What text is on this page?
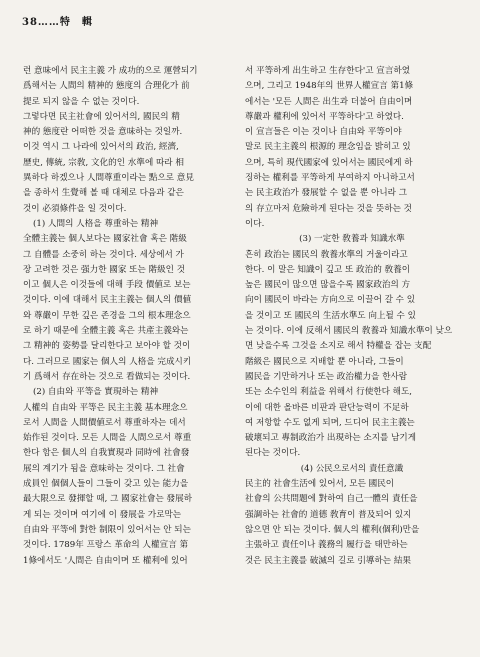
38……特　輯
런 意味에서 民主主義 가 成功的으로 運營되기
爲해서는 人間의 精神的 態度의 合理化가 前
提로 되지 않을 수 없는 것이다.
그렇다면 民主社會에 있어서의, 國民의 精
神的 態度란 어떠한 것을 意味하는 것일까.
이것 역시 그 나라에 있어서의 政治, 經濟,
歷史, 傳統, 宗敎, 文化的인 水準에 따라 相
異하다 하겠으나 人間尊重이라는 點으로 意見
을 종하서 生覺해 볼 때 대체로 다음과 같은
것이 必須條件을 일 것이다.
(1) 人間의 人格을 尊重하는 精神
全體主義는 個人보다는 國家社會 혹은 階級
그 自體를 소중히 하는 것이다. 세상에서 가
장 고려한 것은 强力한 國家 또는 階級인 것
이고 個人은 이것들에 대해 手段 價値로 보는
것이다. 이에 대해서 民主主義는 個人의 價値
와 尊嚴이 무한 깊은 존경을 그의 根本理念으
로 하기 때문에 全體主義 혹은 共產主義와는
그 精神的 姿勢를 달리한다고 보아야 할 것이
다. 그러므로 國家는 個人의 人格을 完成시키
기 爲해서 存在하는 것으로 看做되는 것이다.
(2) 自由와 平等을 實現하는 精神
人權의 自由와 平等은 民主主義 基本理念으
로서 人間을 人間價値로서 尊重하자는 데서
始作된 것이다. 모든 人間을 人間으로서 尊重
한다 함은 個人의 自我實現과 同時에 社會發
展의 계기가 됨을 意味하는 것이다. 그 社會
成員인 個個人들이 그들이 갖고 있는 能力을
最大限으로 發揮할 때, 그 國家社會는 發展하
게 되는 것이며 여기에 이 發展을 가로막는
自由와 平等에 對한 制限이 있어서는 안 되는
것이다. 1789年 프랑스 革命의 人權宣言 第
1條에서도 '人間은 自由이며 또 權利에 있어
서 平等하게 出生하고 生存한다'고 宣言하였
으며, 그리고 1948年의 世界人權宣言 第1條
에서는 '모든 人間은 出生과 더불어 自由이며
尊嚴과 權利에 있어서 平等하다'고 하였다.
이 宣言들은 이는 것이나 自由와 平等이야
말로 民主主義의 根源的 理念임을 밝히고 있
으며, 특히 現代國家에 있어서는 國民에게 하
징하는 權利를 平等하게 부여하지 아니하고서
는 民主政治가 發展할 수 없을 뿐 아니라 그
의 存立마저 危險하게 된다는 것을 뜻하는 것
이다.
(3) 一定한 敎養과 知識水準
흔히 政治는 國民의 敎養水準의 거울이라고
한다. 이 말은 知識이 깊고 또 政治的 敎養이
높은 國民이 많으면 많을수록 國家政治의 方
向이 國民이 바라는 方向으로 이끌어 갈 수 있
을 것이고 또 國民의 生活水準도 向上될 수 있
는 것이다. 이에 反해서 國民의 敎養과 知識水準이 낮으
면 낮을수록 그것을 소지로 해서 特權을 잡는 支配
階級은 國民으로 지배할 뿐 아니라, 그들이
國民을 기만하거나 또는 政治權力을 한사람
또는 소수인의 利益을 위해서 行使한다 해도,
이에 대한 올바른 비판과 판단능력이 不足하
여 저항할 수도 없게 되며, 드디어 民主主義는
破壞되고 專制政治가 出現하는 소지를 남기게
된다는 것이다.
(4) 公民으로서의 責任意識
民主的 社會生活에 있어서, 모든 國民이
社會의 公共問題에 對하여 自己一體의 責任을
强調하는 社會的 道德 敎育이 普及되어 있지
않으면 안 되는 것이다. 個人의 權利(個利)만을
主張하고 責任이나 義務의 履行을 태만하는
것은 民主主義를 破滅의 길로 引導하는 結果
